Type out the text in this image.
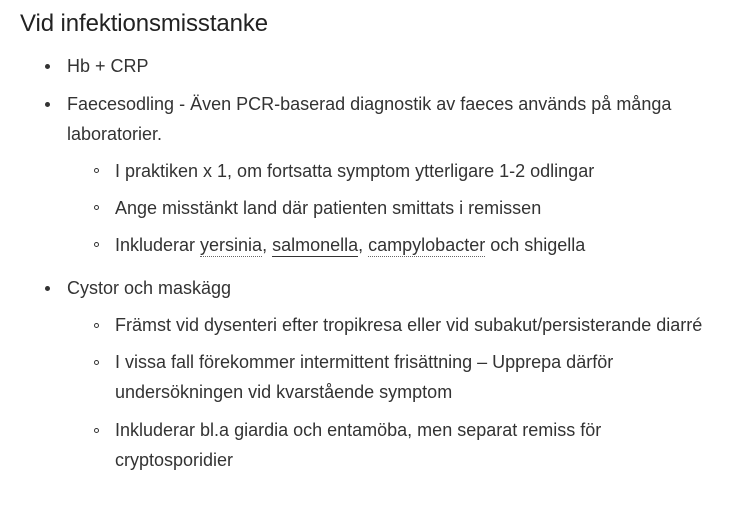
Vid infektionsmisstanke
Hb + CRP
Faecesodling - Även PCR-baserad diagnostik av faeces används på många
laboratorier.
I praktiken x 1, om fortsatta symptom ytterligare 1-2 odlingar
Ange misstänkt land där patienten smittats i remissen
Inkluderar yersinia, salmonella, campylobacter och shigella
Cystor och maskägg
Främst vid dysenteri efter tropikresa eller vid subakut/persisterande diarré
I vissa fall förekommer intermittent frisättning – Upprepa därför
undersökningen vid kvarstående symptom
Inkluderar bl.a giardia och entamöba, men separat remiss för
cryptosporidier
